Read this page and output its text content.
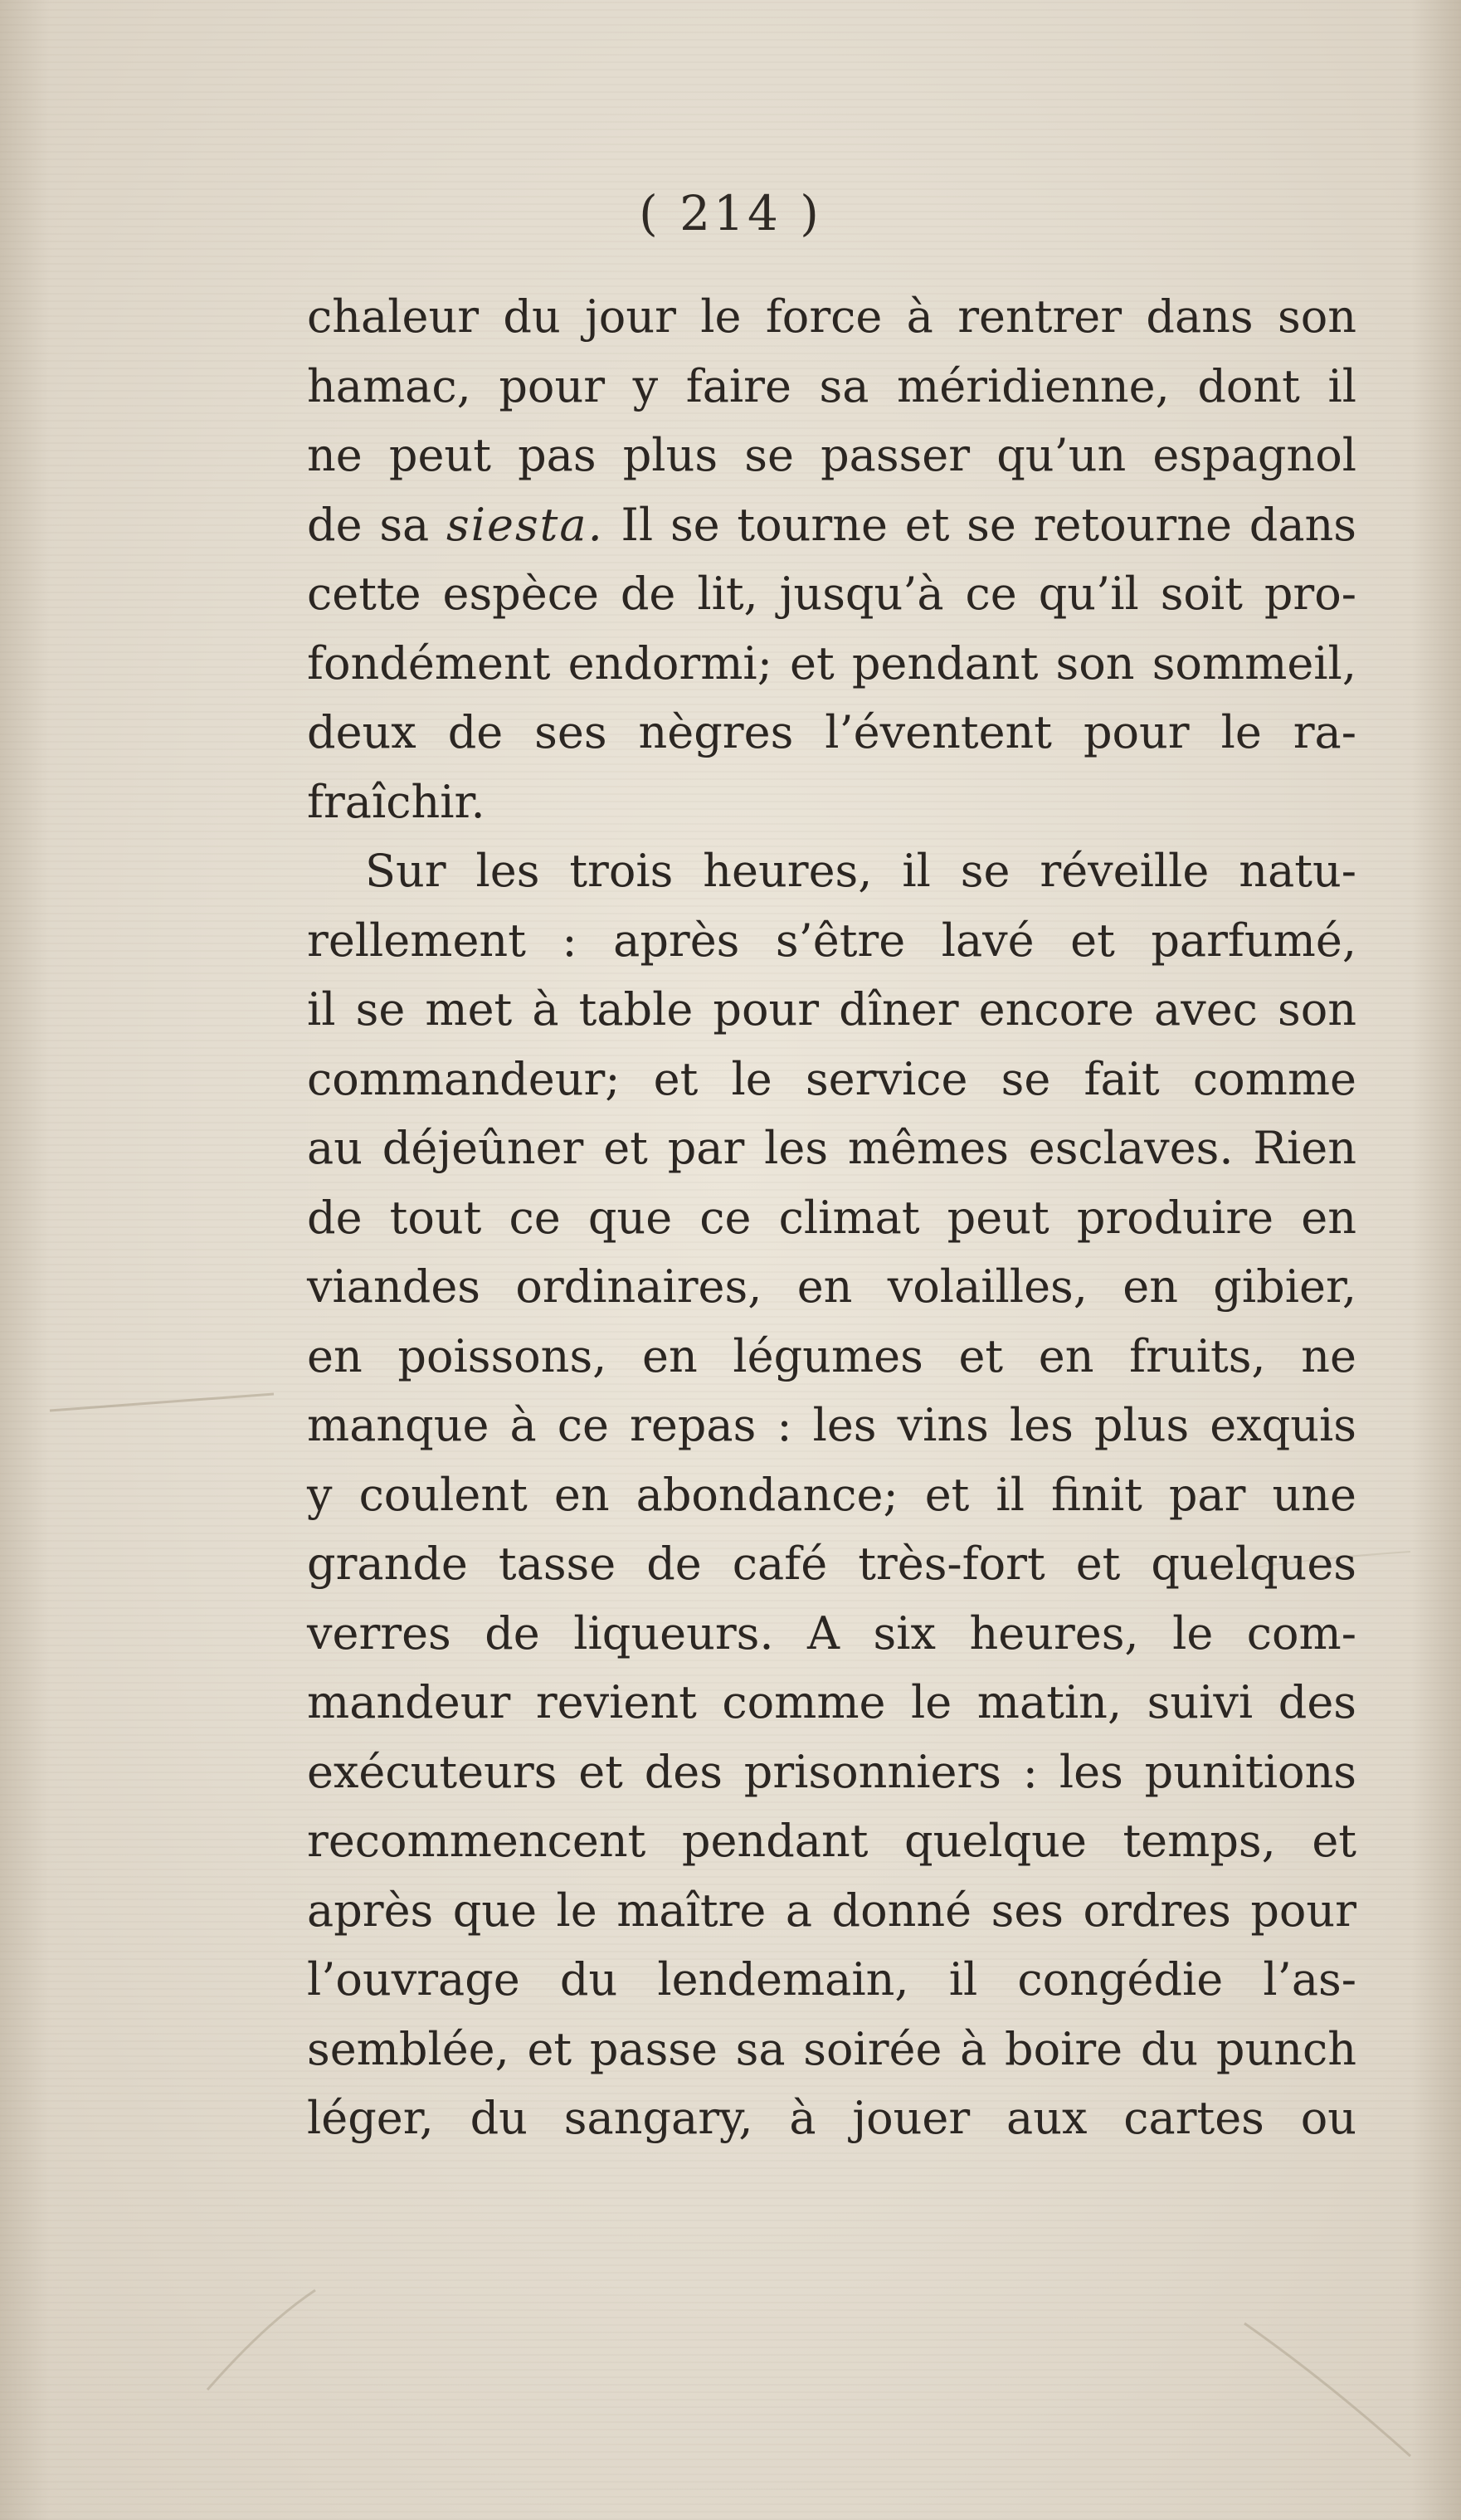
( 214 )
chaleur du jour le force à rentrer dans son
hamac, pour y faire sa méridienne, dont il
ne peut pas plus se passer qu’un espagnol
de sa siesta. Il se tourne et se retourne dans
cette espèce de lit, jusqu’à ce qu’il soit pro-
fondément endormi; et pendant son sommeil,
deux de ses nègres l’éventent pour le ra-
fraîchir.
Sur les trois heures, il se réveille natu-
rellement : après s’être lavé et parfumé,
il se met à table pour dîner encore avec son
commandeur; et le service se fait comme
au déjeûner et par les mêmes esclaves. Rien
de tout ce que ce climat peut produire en
viandes ordinaires, en volailles, en gibier,
en poissons, en légumes et en fruits, ne
manque à ce repas : les vins les plus exquis
y coulent en abondance; et il finit par une
grande tasse de café très-fort et quelques
verres de liqueurs. A six heures, le com-
mandeur revient comme le matin, suivi des
exécuteurs et des prisonniers : les punitions
recommencent pendant quelque temps, et
après que le maître a donné ses ordres pour
l’ouvrage du lendemain, il congédie l’as-
semblée, et passe sa soirée à boire du punch
léger, du sangary, à jouer aux cartes ou
